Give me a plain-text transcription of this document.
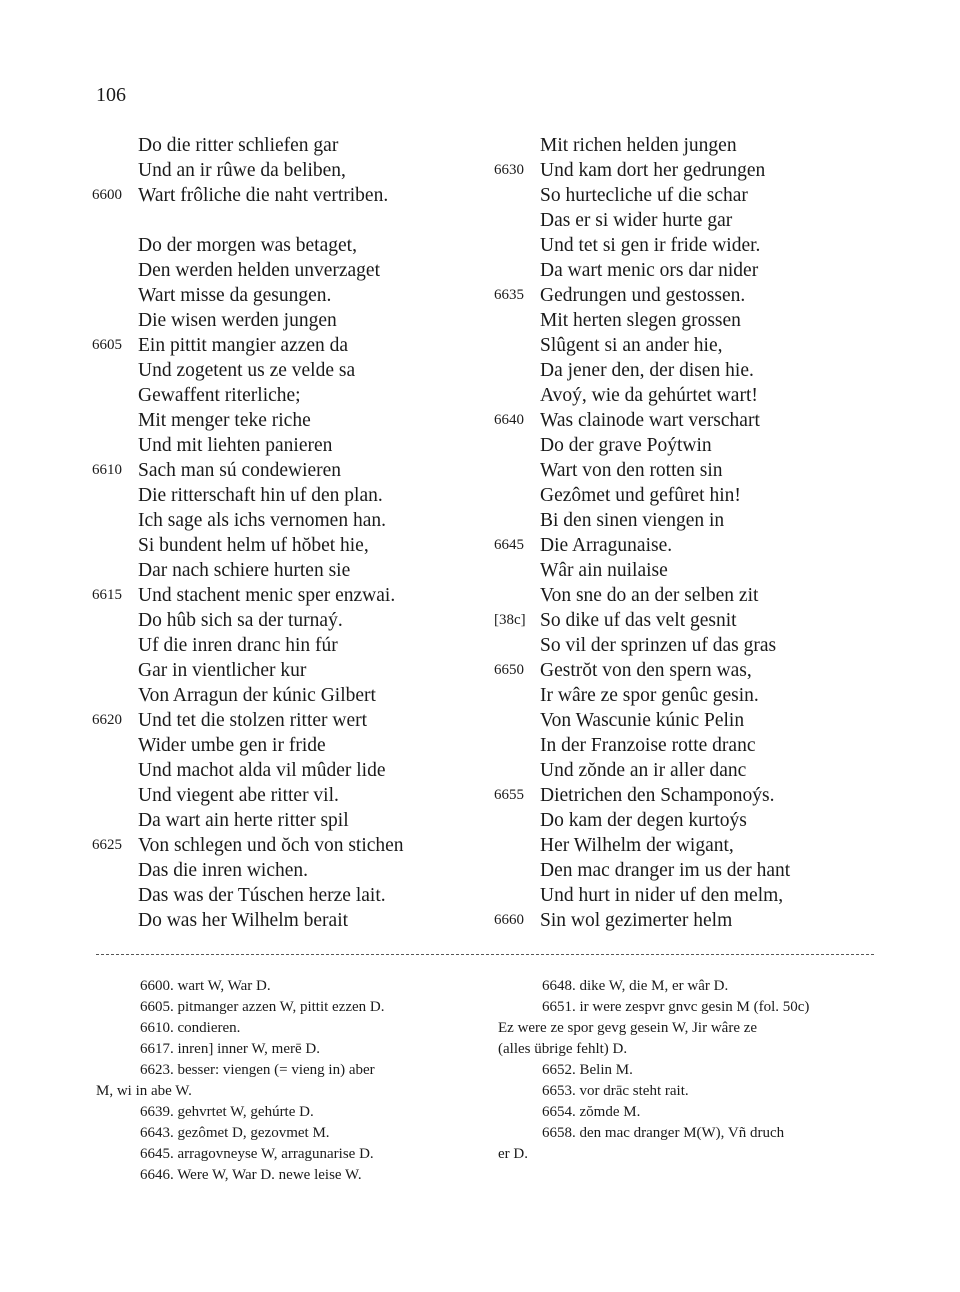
106
Do die ritter schliefen gar
Und an ir rûwe da beliben,
6600 Wart frôliche die naht vertriben.
Do der morgen was betaget,
Den werden helden unverzaget
Wart misse da gesungen.
Die wisen werden jungen
6605 Ein pittit mangier azzen da
Und zogetent us ze velde sa
Gewaffent riterliche;
Mit menger teke riche
Und mit liehten panieren
6610 Sach man sú condewieren
Die ritterschaft hin uf den plan.
Ich sage als ichs vernomen han.
Si bundent helm uf hŏbet hie,
Dar nach schiere hurten sie
6615 Und stachent menic sper enzwai.
Do hûb sich sa der turnaý.
Uf die inren dranc hin fúr
Gar in vientlicher kur
Von Arragun der kúnic Gilbert
6620 Und tet die stolzen ritter wert
Wider umbe gen ir fride
Und machot alda vil mûder lide
Und viegent abe ritter vil.
Da wart ain herte ritter spil
6625 Von schlegen und ŏch von stichen
Das die inren wichen.
Das was der Túschen herze lait.
Do was her Wilhelm berait
Mit richen helden jungen
6630 Und kam dort her gedrungen
So hurtecliche uf die schar
Das er si wider hurte gar
Und tet si gen ir fride wider.
Da wart menic ors dar nider
6635 Gedrungen und gestossen.
Mit herten slegen grossen
Slûgent si an ander hie,
Da jener den, der disen hie.
Avoý, wie da gehúrtet wart!
6640 Was clainode wart verschart
Do der grave Poýtwin
Wart von den rotten sin
Gezômet und gefûret hin!
Bi den sinen viengen in
6645 Die Arragunaise.
Wâr ain nuilaise
Von sne do an der selben zit
[38c] So dike uf das velt gesnit
So vil der sprinzen uf das gras
6650 Gestrŏt von den spern was,
Ir wâre ze spor genûc gesin.
Von Wascunie kúnic Pelin
In der Franzoise rotte dranc
Und zŏnde an ir aller danc
6655 Dietrichen den Schamponoýs.
Do kam der degen kurtoýs
Her Wilhelm der wigant,
Den mac dranger im us der hant
Und hurt in nider uf den melm,
6660 Sin wol gezimerter helm
6600. wart W, War D.
6605. pitmanger azzen W, pittit ezzen D.
6610. condieren.
6617. inren] inner W, merē D.
6623. besser: viengen (= vieng in) aber
M, wi in abe W.
6639. gehvrtet W, gehúrte D.
6643. gezômet D, gezovmet M.
6645. arragovneyse W, arragunarise D.
6646. Were W, War D. newe leise W.
6648. dike W, die M, er wâr D.
6651. ir were zespvr gnvc gesin M (fol. 50c)
Ez were ze spor gevg gesein W, Jir wâre ze
(alles übrige fehlt) D.
6652. Belin M.
6653. vor drāc steht rait.
6654. zŏmde M.
6658. den mac dranger M(W), Vñ druch
er D.
